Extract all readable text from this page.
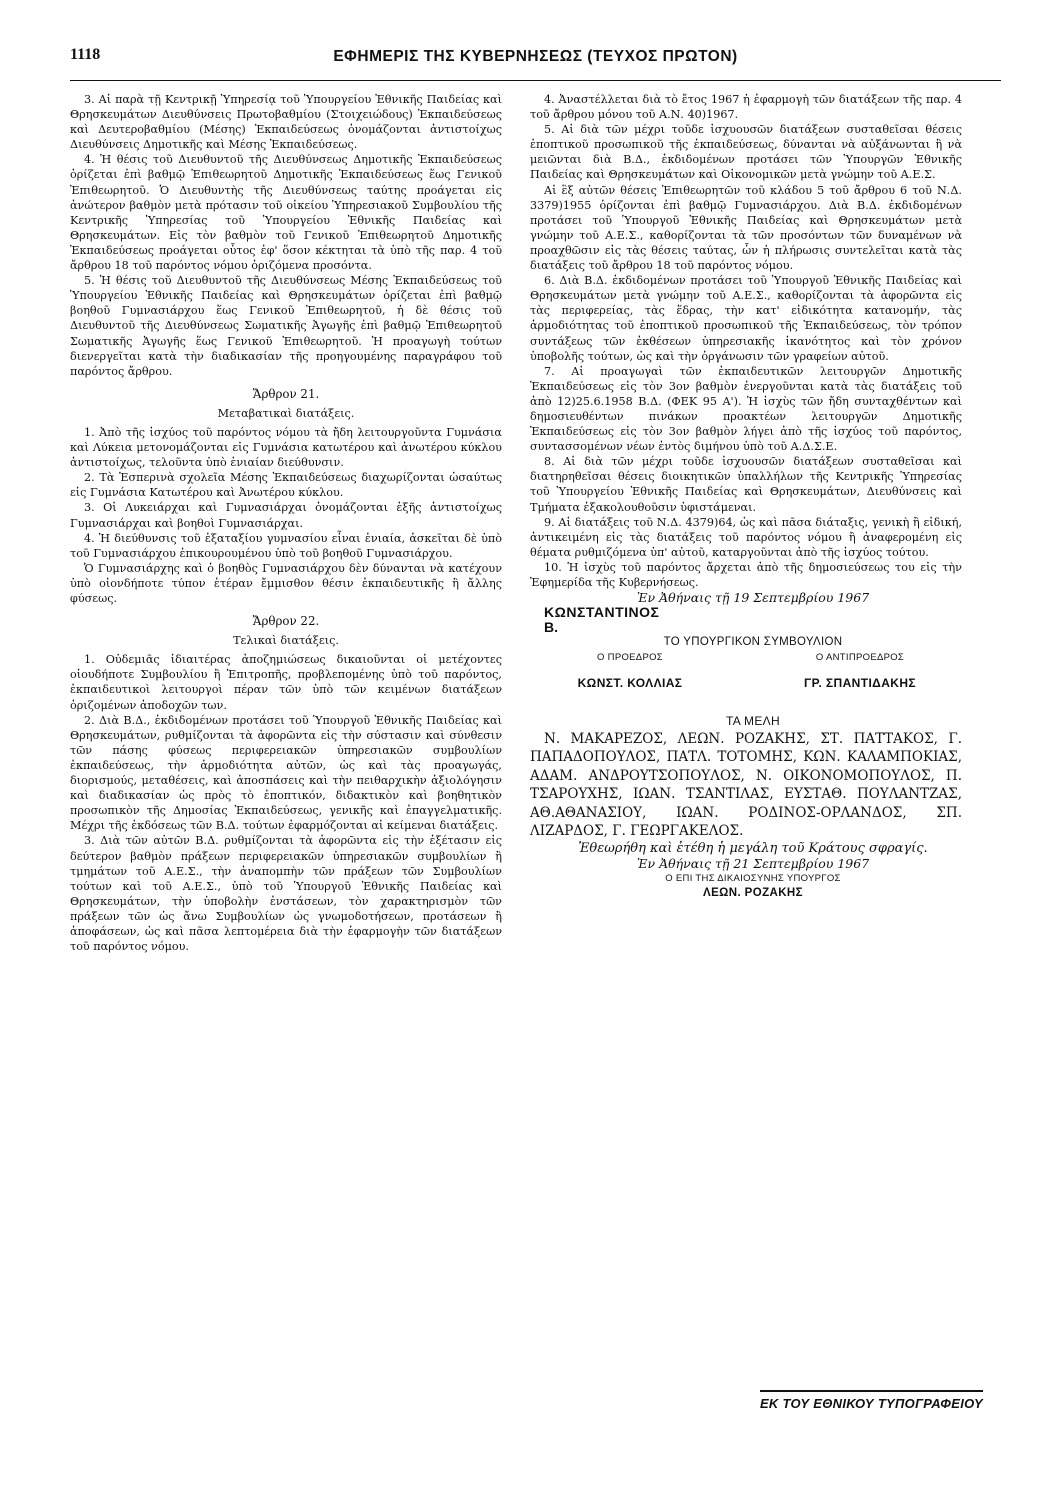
1118	ΕΦΗΜΕΡΙΣ ΤΗΣ ΚΥΒΕΡΝΗΣΕΩΣ (ΤΕΥΧΟΣ ΠΡΩΤΟΝ)

3. Αἱ παρὰ τῇ Κεντρικῇ Ὑπηρεσίᾳ τοῦ Ὑπουργείου Ἐθνικῆς Παιδείας καὶ Θρησκευμάτων Διευθύνσεις Πρωτοβαθμίου (Στοιχειώδους) Ἐκπαιδεύσεως καὶ Δευτεροβαθμίου (Μέσης) Ἐκπαιδεύσεως ὀνομάζονται ἀντιστοίχως Διευθύνσεις Δημοτικῆς καὶ Μέσης Ἐκπαιδεύσεως.

4. Ἡ θέσις τοῦ Διευθυντοῦ τῆς Διευθύνσεως Δημοτικῆς Ἐκπαιδεύσεως ὁρίζεται ἐπὶ βαθμῷ Ἐπιθεωρητοῦ Δημοτικῆς Ἐκπαιδεύσεως ἕως Γενικοῦ Ἐπιθεωρητοῦ. Ὁ Διευθυντὴς τῆς Διευθύνσεως ταύτης προάγεται εἰς ἀνώτερον βαθμὸν μετὰ πρότασιν τοῦ οἰκείου Ὑπηρεσιακοῦ Συμβουλίου τῆς Κεντρικῆς Ὑπηρεσίας τοῦ Ὑπουργείου Ἐθνικῆς Παιδείας καὶ Θρησκευμάτων. Εἰς τὸν βαθμὸν τοῦ Γενικοῦ Ἐπιθεωρητοῦ Δημοτικῆς Ἐκπαιδεύσεως προάγεται οὗτος ἐφ' ὅσον κέκτηται τὰ ὑπὸ τῆς παρ. 4 τοῦ ἄρθρου 18 τοῦ παρόντος νόμου ὁριζόμενα προσόντα.

5. Ἡ θέσις τοῦ Διευθυντοῦ τῆς Διευθύνσεως Μέσης Ἐκπαιδεύσεως τοῦ Ὑπουργείου Ἐθνικῆς Παιδείας καὶ Θρησκευμάτων ὁρίζεται ἐπὶ βαθμῷ βοηθοῦ Γυμνασιάρχου ἕως Γενικοῦ Ἐπιθεωρητοῦ, ἡ δὲ θέσις τοῦ Διευθυντοῦ τῆς Διευθύνσεως Σωματικῆς Ἀγωγῆς ἐπὶ βαθμῷ Ἐπιθεωρητοῦ Σωματικῆς Ἀγωγῆς ἕως Γενικοῦ Ἐπιθεωρητοῦ. Ἡ προαγωγὴ τούτων διενεργεῖται κατὰ τὴν διαδικασίαν τῆς προηγουμένης παραγράφου τοῦ παρόντος ἄρθρου.

Ἄρθρον 21.

Μεταβατικαὶ διατάξεις.

1. Ἀπὸ τῆς ἰσχύος τοῦ παρόντος νόμου τὰ ἤδη λειτουργοῦντα Γυμνάσια καὶ Λύκεια μετονομάζονται εἰς Γυμνάσια κατωτέρου καὶ ἀνωτέρου κύκλου ἀντιστοίχως, τελοῦντα ὑπὸ ἑνιαίαν διεύθυνσιν.

2. Τὰ Ἑσπερινὰ σχολεῖα Μέσης Ἐκπαιδεύσεως διαχωρίζονται ὡσαύτως εἰς Γυμνάσια Κατωτέρου καὶ Ἀνωτέρου κύκλου.

3. Οἱ Λυκειάρχαι καὶ Γυμνασιάρχαι ὀνομάζονται ἑξῆς ἀντιστοίχως Γυμνασιάρχαι καὶ βοηθοὶ Γυμνασιάρχαι.

4. Ἡ διεύθυνσις τοῦ ἑξαταξίου γυμνασίου εἶναι ἑνιαία, ἀσκεῖται δὲ ὑπὸ τοῦ Γυμνασιάρχου ἐπικουρουμένου ὑπὸ τοῦ βοηθοῦ Γυμνασιάρχου.

Ὁ Γυμνασιάρχης καὶ ὁ βοηθὸς Γυμνασιάρχου δὲν δύνανται νὰ κατέχουν ὑπὸ οἱονδήποτε τύπον ἑτέραν ἔμμισθον θέσιν ἐκπαιδευτικῆς ἢ ἄλλης φύσεως.

Ἄρθρον 22.

Τελικαὶ διατάξεις.

1. Οὐδεμιᾶς ἰδιαιτέρας ἀποζημιώσεως δικαιοῦνται οἱ μετέχοντες οἱουδήποτε Συμβουλίου ἢ Ἐπιτροπῆς, προβλεπομένης ὑπὸ τοῦ παρόντος, ἐκπαιδευτικοὶ λειτουργοὶ πέραν τῶν ὑπὸ τῶν κειμένων διατάξεων ὁριζομένων ἀποδοχῶν των.

2. Διὰ Β.Δ., ἐκδιδομένων προτάσει τοῦ Ὑπουργοῦ Ἐθνικῆς Παιδείας καὶ Θρησκευμάτων, ρυθμίζονται τὰ ἀφορῶντα εἰς τὴν σύστασιν καὶ σύνθεσιν τῶν πάσης φύσεως περιφερειακῶν ὑπηρεσιακῶν συμβουλίων ἐκπαιδεύσεως, τὴν ἁρμοδιότητα αὐτῶν, ὡς καὶ τὰς προαγωγάς, διορισμούς, μεταθέσεις, καὶ ἀποσπάσεις καὶ τὴν πειθαρχικὴν ἀξιολόγησιν καὶ διαδικασίαν ὡς πρὸς τὸ ἐποπτικόν, διδακτικὸν καὶ βοηθητικὸν προσωπικὸν τῆς Δημοσίας Ἐκπαιδεύσεως, γενικῆς καὶ ἐπαγγελματικῆς. Μέχρι τῆς ἐκδόσεως τῶν Β.Δ. τούτων ἐφαρμόζονται αἱ κείμεναι διατάξεις.

3. Διὰ τῶν αὐτῶν Β.Δ. ρυθμίζονται τὰ ἀφορῶντα εἰς τὴν ἐξέτασιν εἰς δεύτερον βαθμὸν πράξεων περιφερειακῶν ὑπηρεσιακῶν συμβουλίων ἢ τμημάτων τοῦ Α.Ε.Σ., τὴν ἀναπομπὴν τῶν πράξεων τῶν Συμβουλίων τούτων καὶ τοῦ Α.Ε.Σ., ὑπὸ τοῦ Ὑπουργοῦ Ἐθνικῆς Παιδείας καὶ Θρησκευμάτων, τὴν ὑποβολὴν ἐνστάσεων, τὸν χαρακτηρισμὸν τῶν πράξεων τῶν ὡς ἄνω Συμβουλίων ὡς γνωμοδοτήσεων, προτάσεων ἢ ἀποφάσεων, ὡς καὶ πᾶσα λεπτομέρεια διὰ τὴν ἐφαρμογὴν τῶν διατάξεων τοῦ παρόντος νόμου.

4. Ἀναστέλλεται διὰ τὸ ἔτος 1967 ἡ ἐφαρμογὴ τῶν διατάξεων τῆς παρ. 4 τοῦ ἄρθρου μόνου τοῦ Α.Ν. 40)1967.

5. Αἱ διὰ τῶν μέχρι τοῦδε ἰσχυουσῶν διατάξεων συσταθεῖσαι θέσεις ἐποπτικοῦ προσωπικοῦ τῆς ἐκπαιδεύσεως, δύνανται νὰ αὐξάνωνται ἢ νὰ μειῶνται διὰ Β.Δ., ἐκδιδομένων προτάσει τῶν Ὑπουργῶν Ἐθνικῆς Παιδείας καὶ Θρησκευμάτων καὶ Οἰκονομικῶν μετὰ γνώμην τοῦ Α.Ε.Σ.

Αἱ ἓξ αὐτῶν θέσεις Ἐπιθεωρητῶν τοῦ κλάδου 5 τοῦ ἄρθρου 6 τοῦ Ν.Δ. 3379)1955 ὁρίζονται ἐπὶ βαθμῷ Γυμνασιάρχου. Διὰ Β.Δ. ἐκδιδομένων προτάσει τοῦ Ὑπουργοῦ Ἐθνικῆς Παιδείας καὶ Θρησκευμάτων μετὰ γνώμην τοῦ Α.Ε.Σ., καθορίζονται τὰ τῶν προσόντων τῶν δυναμένων νὰ προαχθῶσιν εἰς τὰς θέσεις ταύτας, ὧν ἡ πλήρωσις συντελεῖται κατὰ τὰς διατάξεις τοῦ ἄρθρου 18 τοῦ παρόντος νόμου.

6. Διὰ Β.Δ. ἐκδιδομένων προτάσει τοῦ Ὑπουργοῦ Ἐθνικῆς Παιδείας καὶ Θρησκευμάτων μετὰ γνώμην τοῦ Α.Ε.Σ., καθορίζονται τὰ ἀφορῶντα εἰς τὰς περιφερείας, τὰς ἕδρας, τὴν κατ' εἰδικότητα κατανομήν, τὰς ἁρμοδιότητας τοῦ ἐποπτικοῦ προσωπικοῦ τῆς Ἐκπαιδεύσεως, τὸν τρόπον συντάξεως τῶν ἐκθέσεων ὑπηρεσιακῆς ἱκανότητος καὶ τὸν χρόνον ὑποβολῆς τούτων, ὡς καὶ τὴν ὀργάνωσιν τῶν γραφείων αὐτοῦ.

7. Αἱ προαγωγαὶ τῶν ἐκπαιδευτικῶν λειτουργῶν Δημοτικῆς Ἐκπαιδεύσεως εἰς τὸν 3ον βαθμὸν ἐνεργοῦνται κατὰ τὰς διατάξεις τοῦ ἀπὸ 12)25.6.1958 Β.Δ. (ΦΕΚ 95 Α'). Ἡ ἰσχὺς τῶν ἤδη συνταχθέντων καὶ δημοσιευθέντων πινάκων προακτέων λειτουργῶν Δημοτικῆς Ἐκπαιδεύσεως εἰς τὸν 3ον βαθμὸν λήγει ἀπὸ τῆς ἰσχύος τοῦ παρόντος, συντασσομένων νέων ἐντὸς διμήνου ὑπὸ τοῦ Α.Δ.Σ.Ε.

8. Αἱ διὰ τῶν μέχρι τοῦδε ἰσχυουσῶν διατάξεων συσταθεῖσαι καὶ διατηρηθεῖσαι θέσεις διοικητικῶν ὑπαλλήλων τῆς Κεντρικῆς Ὑπηρεσίας τοῦ Ὑπουργείου Ἐθνικῆς Παιδείας καὶ Θρησκευμάτων, Διευθύνσεις καὶ Τμήματα ἐξακολουθοῦσιν ὑφιστάμεναι.

9. Αἱ διατάξεις τοῦ Ν.Δ. 4379)64, ὡς καὶ πᾶσα διάταξις, γενικὴ ἢ εἰδική, ἀντικειμένη εἰς τὰς διατάξεις τοῦ παρόντος νόμου ἢ ἀναφερομένη εἰς θέματα ρυθμιζόμενα ὑπ' αὐτοῦ, καταργοῦνται ἀπὸ τῆς ἰσχύος τούτου.

10. Ἡ ἰσχὺς τοῦ παρόντος ἄρχεται ἀπὸ τῆς δημοσιεύσεως του εἰς τὴν Ἐφημερίδα τῆς Κυβερνήσεως.

Ἐν Ἀθήναις τῇ 19 Σεπτεμβρίου 1967

ΚΩΝΣΤΑΝΤΙΝΟΣ

Β.

ΤΟ ΥΠΟΥΡΓΙΚΟΝ ΣΥΜΒΟΥΛΙΟΝ

Ο ΠΡΟΕΔΡΟΣ
ΚΩΝΣΤ. ΚΟΛΛΙΑΣ
Ο ΑΝΤΙΠΡΟΕΔΡΟΣ
ΓΡ. ΣΠΑΝΤΙΔΑΚΗΣ

ΤΑ ΜΕΛΗ

Ν. ΜΑΚΑΡΕΖΟΣ, ΛΕΩΝ. ΡΟΖΑΚΗΣ, ΣΤ. ΠΑΤΤΑΚΟΣ, Γ. ΠΑΠΑΔΟΠΟΥΛΟΣ, ΠΑΤΛ. ΤΟΤΟΜΗΣ, ΚΩΝ. ΚΑΛΑΜΠΟΚΙΑΣ, ΑΔΑΜ. ΑΝΔΡΟΥΤΣΟΠΟΥΛΟΣ, Ν. ΟΙΚΟΝΟΜΟΠΟΥΛΟΣ, Π. ΤΣΑΡΟΥΧΗΣ, ΙΩΑΝ. ΤΣΑΝΤΙΛΑΣ, ΕΥΣΤΑΘ. ΠΟΥΛΑΝΤΖΑΣ, ΑΘ.ΑΘΑΝΑΣΙΟΥ, ΙΩΑΝ. ΡΟΔΙΝΟΣ-ΟΡΛΑΝΔΟΣ, ΣΠ. ΛΙΖΑΡΔΟΣ, Γ. ΓΕΩΡΓΑΚΕΛΟΣ.

Ἐθεωρήθη καὶ ἐτέθη ἡ μεγάλη τοῦ Κράτους σφραγίς.

Ἐν Ἀθήναις τῇ 21 Σεπτεμβρίου 1967

Ο ΕΠΙ ΤΗΣ ΔΙΚΑΙΟΣΥΝΗΣ ΥΠΟΥΡΓΟΣ

ΛΕΩΝ. ΡΟΖΑΚΗΣ

ΕΚ ΤΟΥ ΕΘΝΙΚΟΥ ΤΥΠΟΓΡΑΦΕΙΟΥ
